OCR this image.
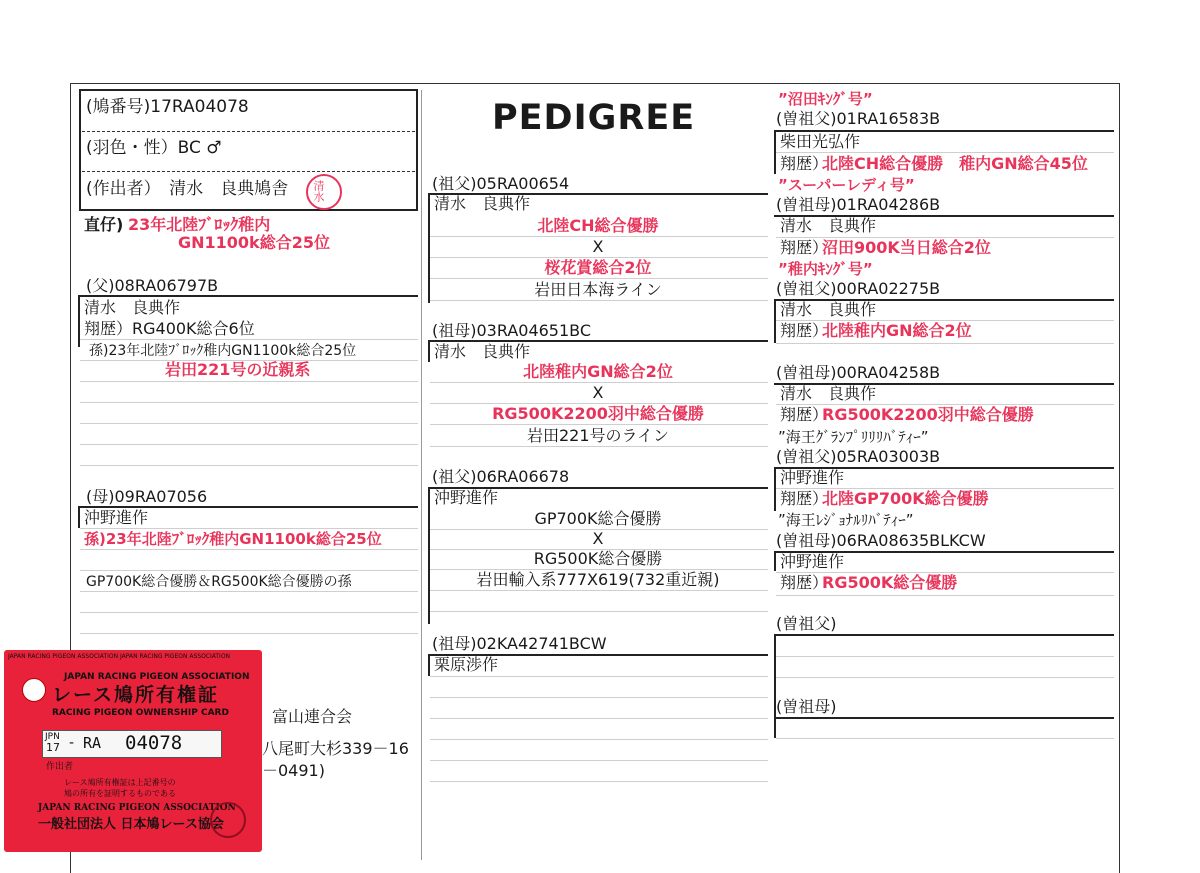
PEDIGREE
(鳩番号)17RA04078
(羽色・性）BC ♂
(作出者）　清水　良典鳩舎 清水
直仔) 23年北陸ﾌﾞﾛｯｸ稚内
GN1100k総合25位
(父)08RA06797B
清水　良典作
翔歴）RG400K総合6位
孫)23年北陸ﾌﾞﾛｯｸ稚内GN1100k総合25位
岩田221号の近親系
(母)09RA07056
沖野進作
孫)23年北陸ﾌﾞﾛｯｸ稚内GN1100k総合25位
GP700K総合優勝＆RG500K総合優勝の孫
(祖父)05RA00654
清水　良典作
北陸CH総合優勝
X
桜花賞総合2位
岩田日本海ライン
(祖母)03RA04651BC
清水　良典作
北陸稚内GN総合2位
X
RG500K2200羽中総合優勝
岩田221号のライン
(祖父)06RA06678
沖野進作
GP700K総合優勝
X
RG500K総合優勝
岩田輸入系777X619(732重近親)
(祖母)02KA42741BCW
栗原渉作
富山連合会
八尾町大杉339－16
－0491)
”沼田ｷﾝｸﾞ号”
(曽祖父)01RA16583B
柴田光弘作
翔歴）
北陸CH総合優勝　稚内GN総合45位
”スーパーレディ号”
(曽祖母)01RA04286B
清水　良典作
翔歴）
沼田900K当日総合2位
”稚内ｷﾝｸﾞ号”
(曽祖父)00RA02275B
清水　良典作
翔歴）
北陸稚内GN総合2位
(曽祖母)00RA04258B
清水　良典作
翔歴）
RG500K2200羽中総合優勝
”海王ｸﾞﾗﾝﾌﾟﾘﾘﾘﾊﾞﾃｨｰ”
(曽祖父)05RA03003B
沖野進作
翔歴）
北陸GP700K総合優勝
”海王ﾚｼﾞｮﾅﾙﾘﾊﾞﾃｨｰ”
(曽祖母)06RA08635BLKCW
沖野進作
翔歴）
RG500K総合優勝
(曽祖父)
(曽祖母)
JAPAN RACING PIGEON ASSOCIATION JAPAN RACING PIGEON ASSOCIATION
JAPAN RACING PIGEON ASSOCIATION
レース鳩所有権証
RACING PIGEON OWNERSHIP CARD
JPN
17 - RA 04078
作出者
レース鳩所有権証は上記番号の
鳩の所有を証明するものである
JAPAN RACING PIGEON ASSOCIATION
一般社団法人 日本鳩レース協会
